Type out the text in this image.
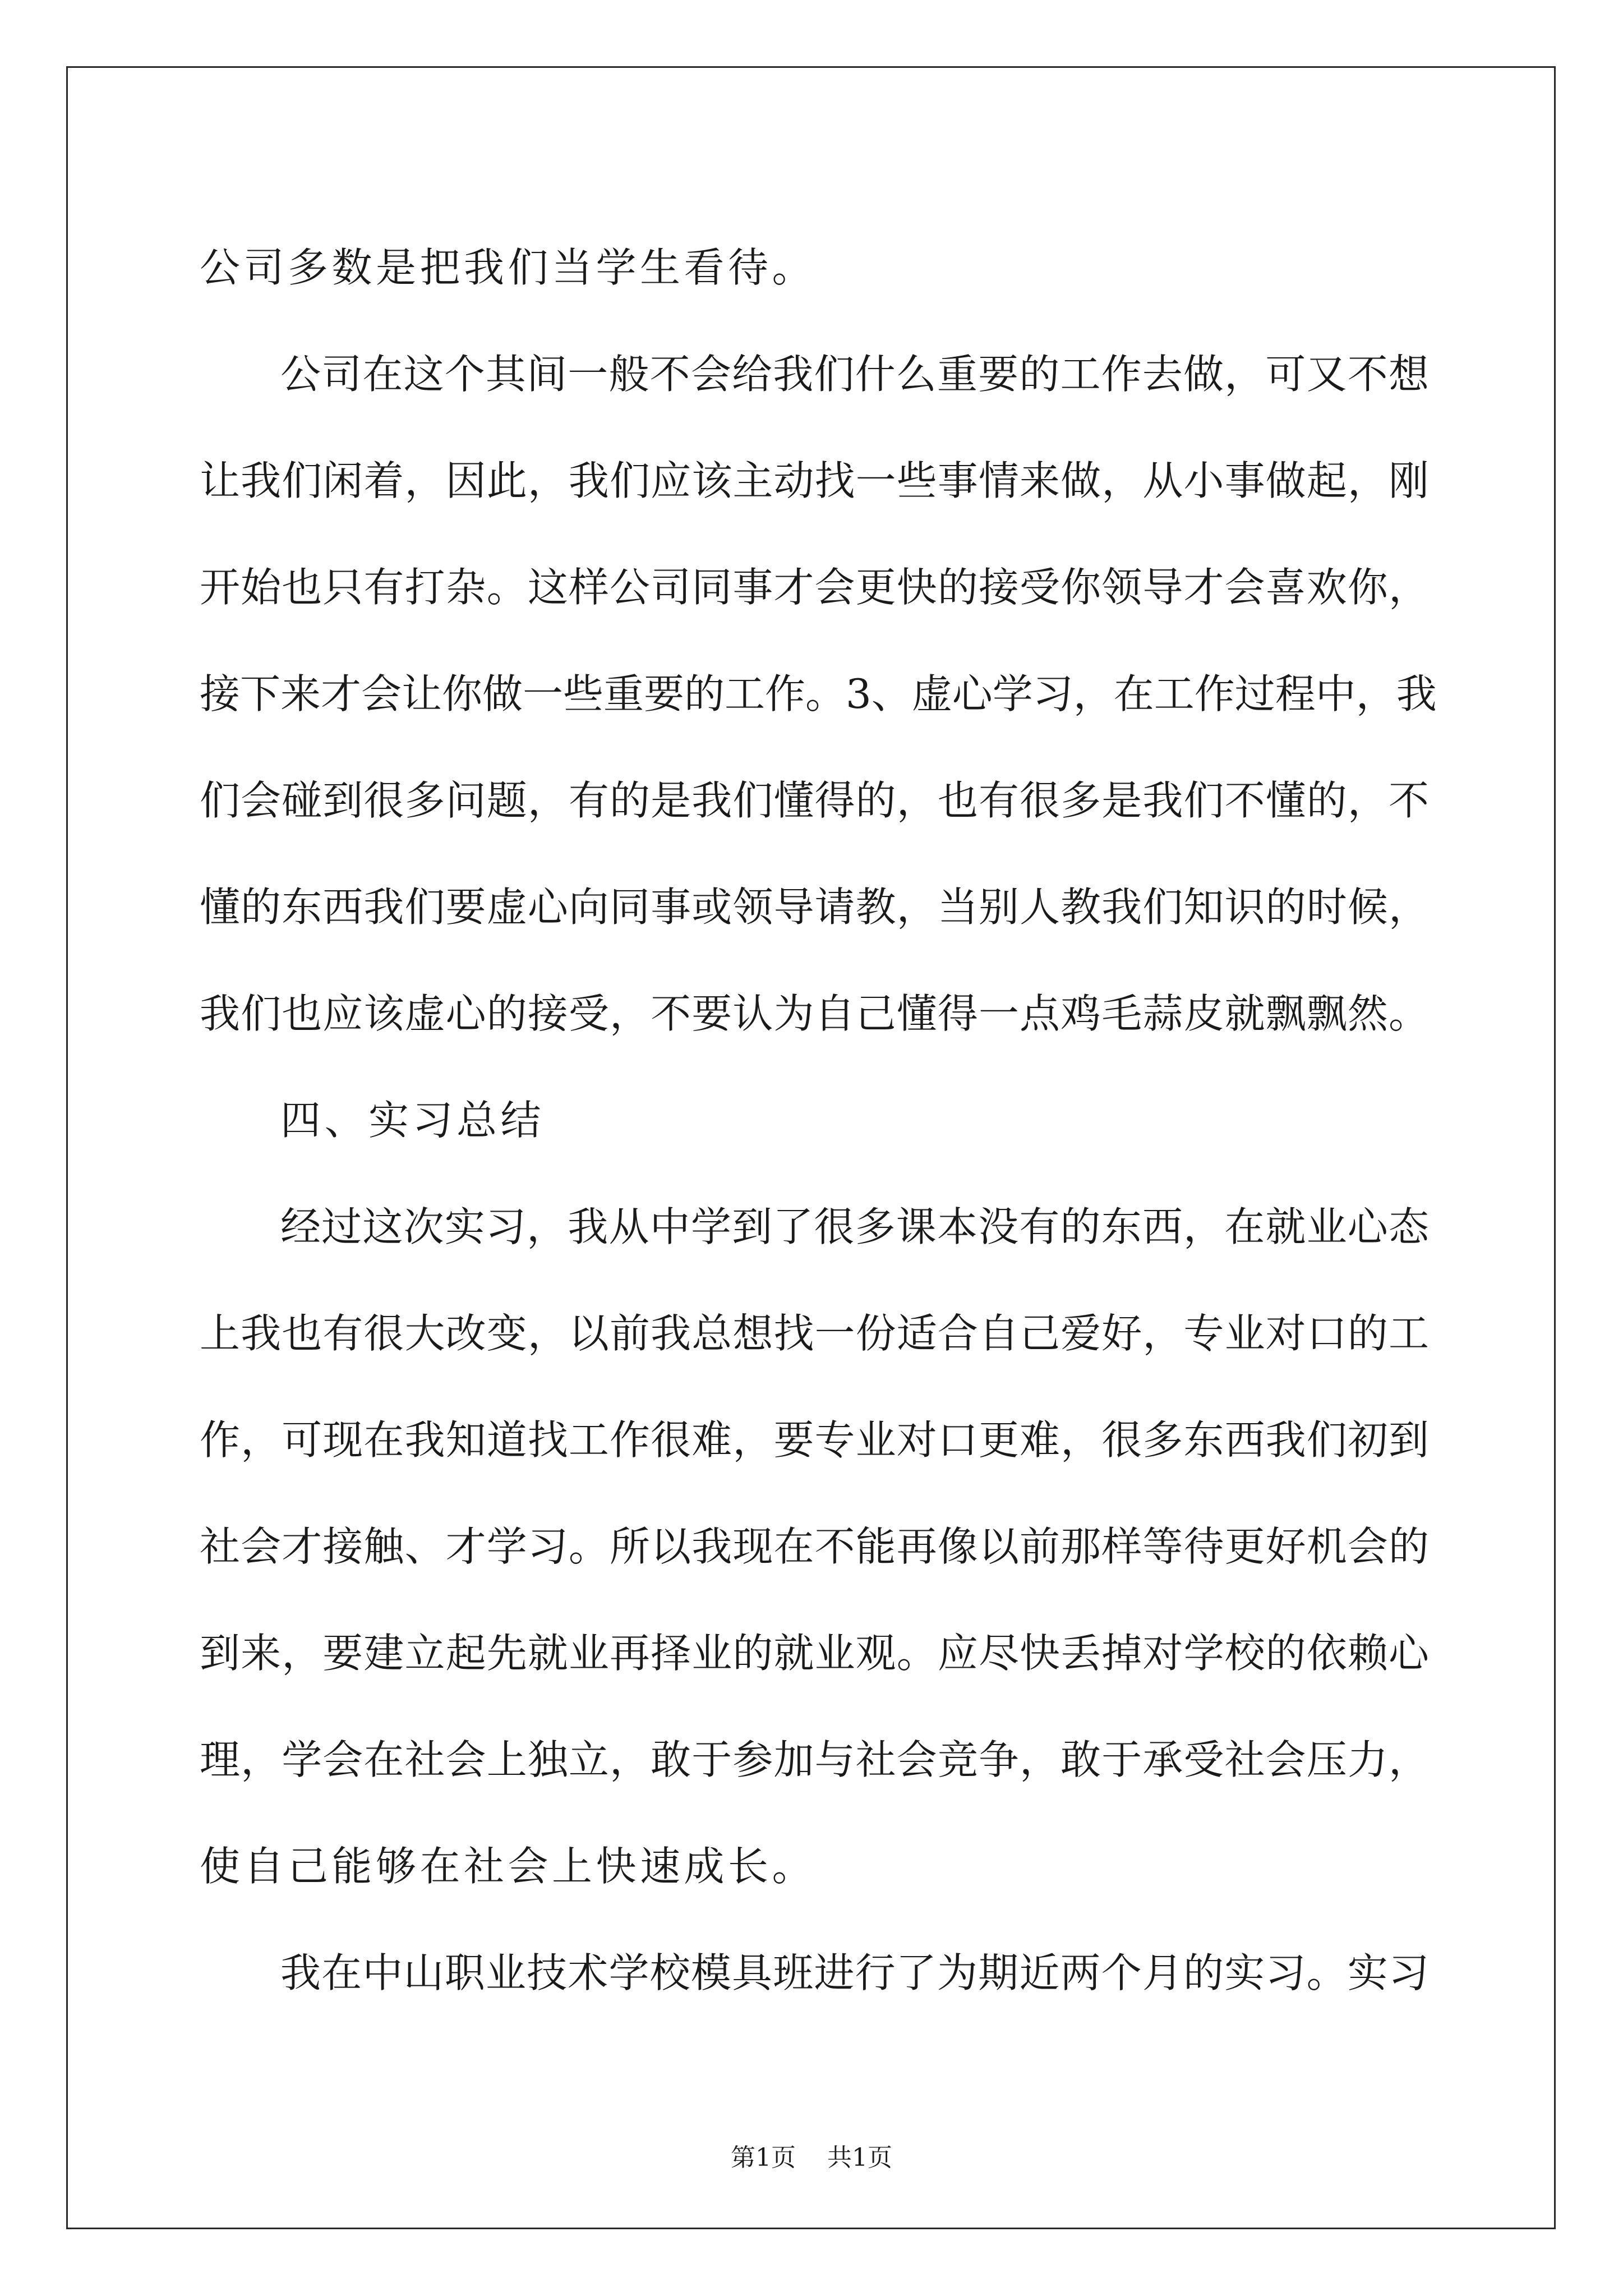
公司多数是把我们当学生看待。
公司在这个其间一般不会给我们什么重要的工作去做，可又不想
让我们闲着，因此，我们应该主动找一些事情来做，从小事做起，刚
开始也只有打杂。这样公司同事才会更快的接受你领导才会喜欢你，
接下来才会让你做一些重要的工作。3、虚心学习，在工作过程中，我
们会碰到很多问题，有的是我们懂得的，也有很多是我们不懂的，不
懂的东西我们要虚心向同事或领导请教，当别人教我们知识的时候，
我们也应该虚心的接受，不要认为自己懂得一点鸡毛蒜皮就飘飘然。
四、实习总结
经过这次实习，我从中学到了很多课本没有的东西，在就业心态
上我也有很大改变，以前我总想找一份适合自己爱好，专业对口的工
作，可现在我知道找工作很难，要专业对口更难，很多东西我们初到
社会才接触、才学习。所以我现在不能再像以前那样等待更好机会的
到来，要建立起先就业再择业的就业观。应尽快丢掉对学校的依赖心
理，学会在社会上独立，敢于参加与社会竞争，敢于承受社会压力，
使自己能够在社会上快速成长。
我在中山职业技术学校模具班进行了为期近两个月的实习。实习
第1页    共1页
